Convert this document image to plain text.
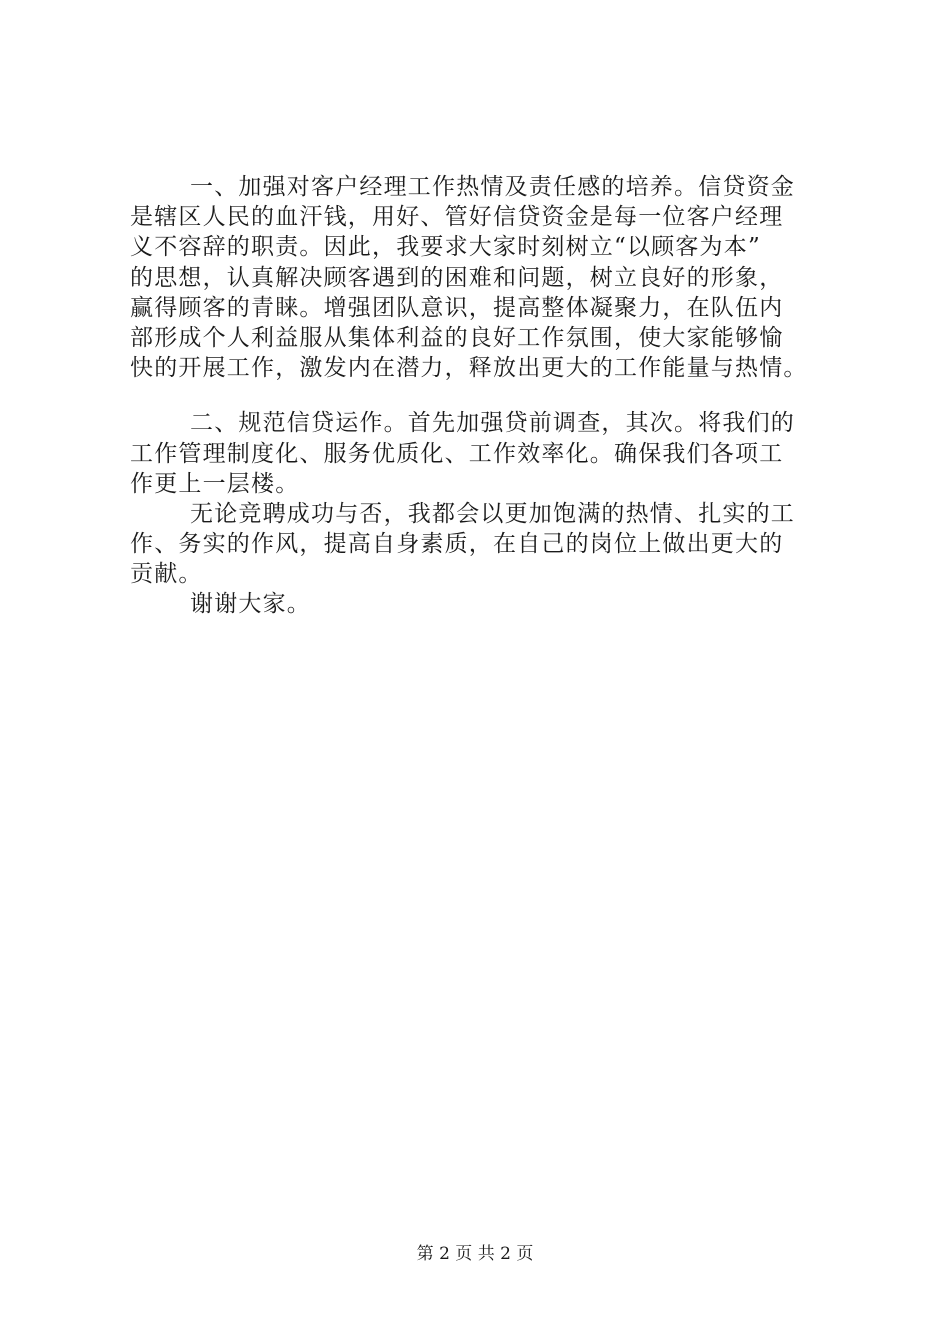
一、加强对客户经理工作热情及责任感的培养。信贷资金
是辖区人民的血汗钱，用好、管好信贷资金是每一位客户经理
义不容辞的职责。因此，我要求大家时刻树立“以顾客为本”
的思想，认真解决顾客遇到的困难和问题，树立良好的形象，
赢得顾客的青睐。增强团队意识，提高整体凝聚力，在队伍内
部形成个人利益服从集体利益的良好工作氛围，使大家能够愉
快的开展工作，激发内在潜力，释放出更大的工作能量与热情。
二、规范信贷运作。首先加强贷前调查，其次。将我们的
工作管理制度化、服务优质化、工作效率化。确保我们各项工
作更上一层楼。
无论竞聘成功与否，我都会以更加饱满的热情、扎实的工
作、务实的作风，提高自身素质，在自己的岗位上做出更大的
贡献。
谢谢大家。
第 2 页 共 2 页
